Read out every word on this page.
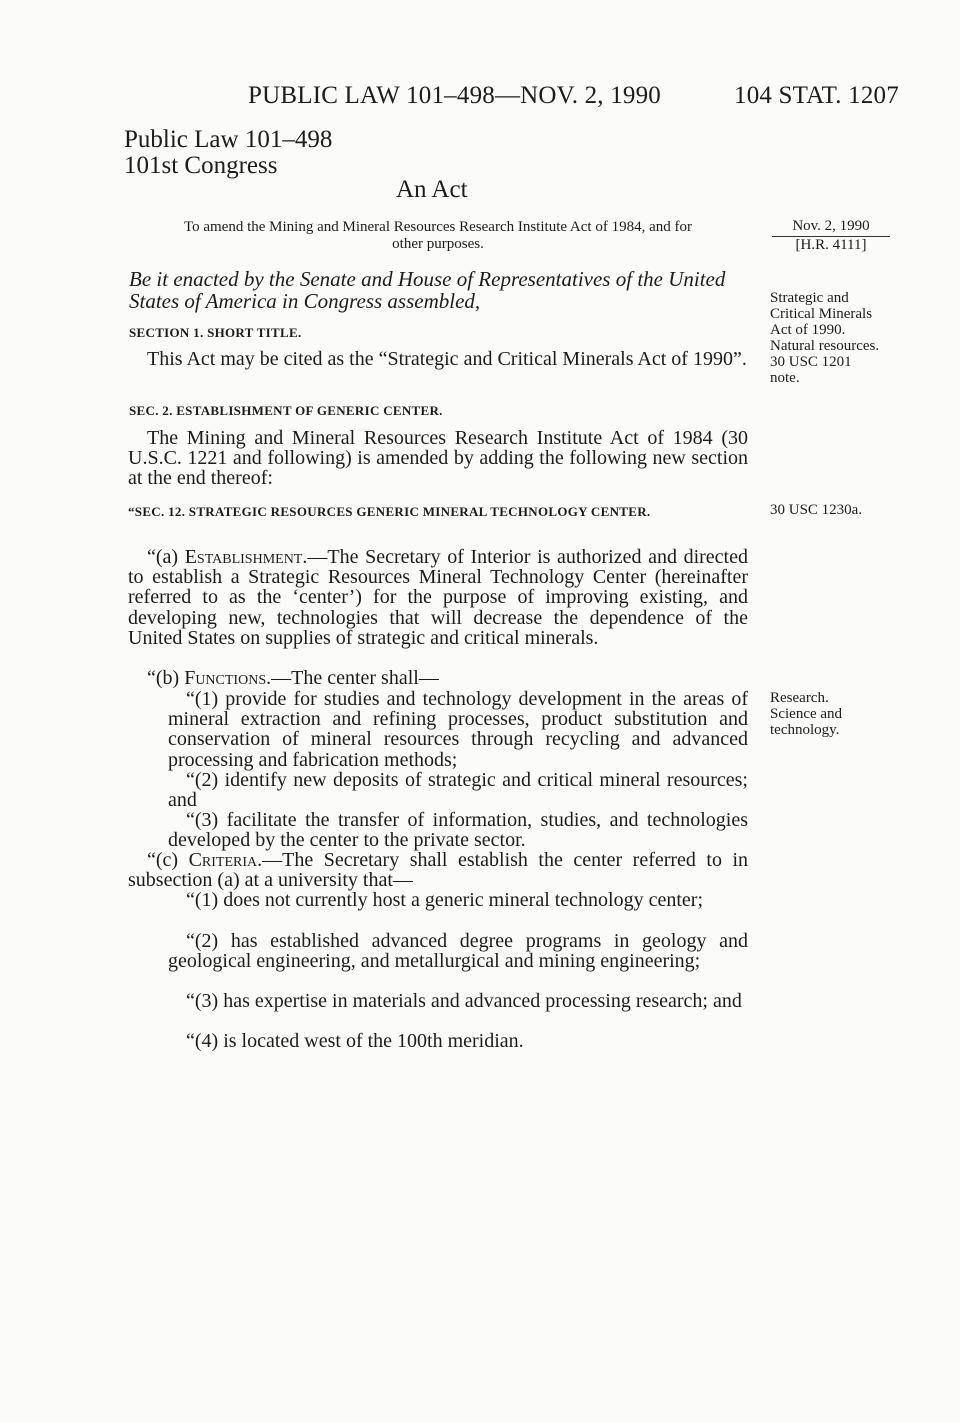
PUBLIC LAW 101–498—NOV. 2, 1990	104 STAT. 1207
Public Law 101–498
101st Congress
An Act
To amend the Mining and Mineral Resources Research Institute Act of 1984, and for
other purposes.
Nov. 2, 1990
[H.R. 4111]
Strategic and Critical Minerals Act of 1990.
Natural resources.
30 USC 1201 note.
30 USC 1230a.
Research.
Science and technology.
Be it enacted by the Senate and House of Representatives of the United States of America in Congress assembled,
SECTION 1. SHORT TITLE.
This Act may be cited as the “Strategic and Critical Minerals Act of 1990”.
SEC. 2. ESTABLISHMENT OF GENERIC CENTER.
The Mining and Mineral Resources Research Institute Act of 1984 (30 U.S.C. 1221 and following) is amended by adding the following new section at the end thereof:
“SEC. 12. STRATEGIC RESOURCES GENERIC MINERAL TECHNOLOGY CENTER.
“(a) Establishment.—The Secretary of Interior is authorized and directed to establish a Strategic Resources Mineral Technology Center (hereinafter referred to as the ‘center’) for the purpose of improving existing, and developing new, technologies that will decrease the dependence of the United States on supplies of strategic and critical minerals.
“(b) Functions.—The center shall—
“(1) provide for studies and technology development in the areas of mineral extraction and refining processes, product substitution and conservation of mineral resources through recycling and advanced processing and fabrication methods;
“(2) identify new deposits of strategic and critical mineral resources; and
“(3) facilitate the transfer of information, studies, and technologies developed by the center to the private sector.
“(c) Criteria.—The Secretary shall establish the center referred to in subsection (a) at a university that—
“(1) does not currently host a generic mineral technology center;
“(2) has established advanced degree programs in geology and geological engineering, and metallurgical and mining engineering;
“(3) has expertise in materials and advanced processing research; and
“(4) is located west of the 100th meridian.
